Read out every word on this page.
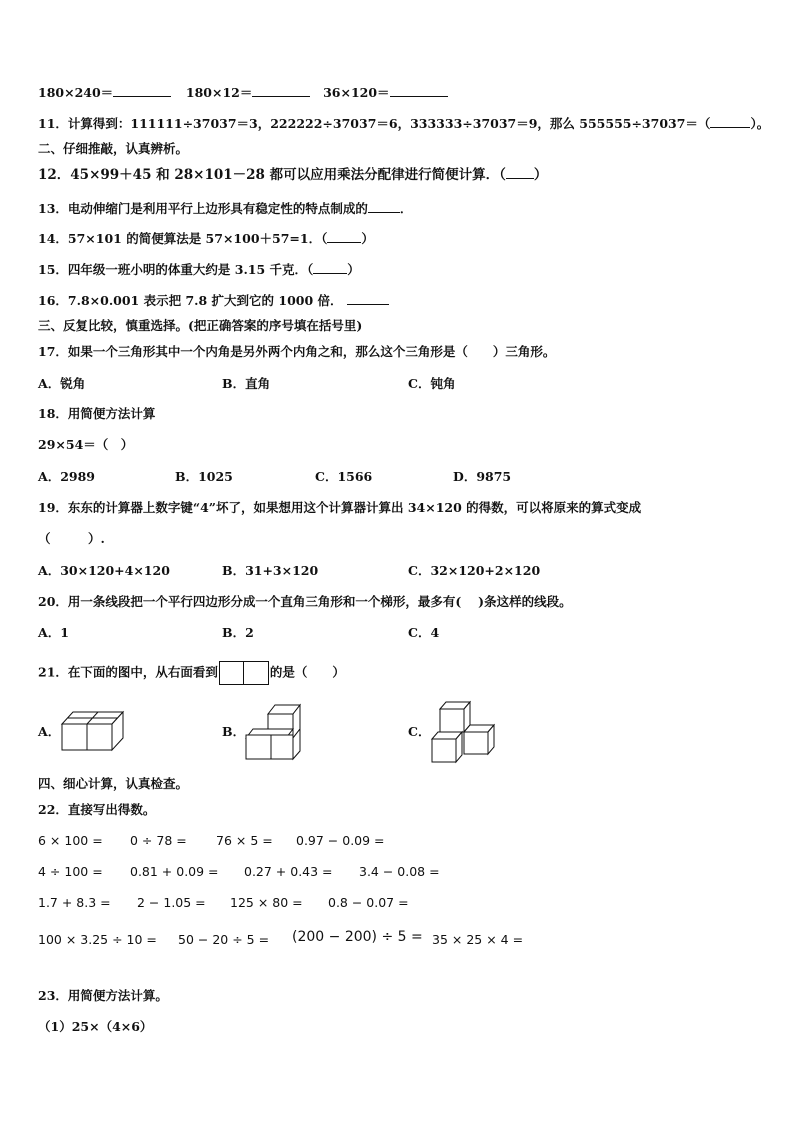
180×240＝	180×12＝	36×120＝
11．计算得到：111111÷37037＝3，222222÷37037＝6，333333÷37037＝9，那么 555555÷37037＝（	）。
二、仔细推敲，认真辨析。
12．45×99＋45 和 28×101－28 都可以应用乘法分配律进行简便计算．（ ）
13．电动伸缩门是利用平行上边形具有稳定性的特点制成的	．
14．57×101 的简便算法是 57×100＋57=1．（	）
15．四年级一班小明的体重大约是 3.15 千克．（	）
16．7.8×0.001 表示把 7.8 扩大到它的 1000 倍．
三、反复比较，慎重选择。(把正确答案的序号填在括号里)
17．如果一个三角形其中一个内角是另外两个内角之和，那么这个三角形是（　　）三角形。
A．锐角	B．直角	C．钝角
18．用简便方法计算
29×54＝（　）
A．2989	B．1025	C．1566	D．9875
19．东东的计算器上数字键“4”坏了，如果想用这个计算器计算出 34×120 的得数，可以将原来的算式变成
（　　　）.
A．30×120+4×120	B．31+3×120	C．32×120+2×120
20．用一条线段把一个平行四边形分成一个直角三角形和一个梯形，最多有(　 )条这样的线段。
A．1	B．2	C．4
21．在下面的图中，从右面看到	的是（　　）
A．	B．	C．
四、细心计算，认真检查。
22．直接写出得数。
6 × 100 = 0 ÷ 78 = 76 × 5 = 0.97 − 0.09 =
4 ÷ 100 = 0.81 + 0.09 = 0.27 + 0.43 = 3.4 − 0.08 =
1.7 + 8.3 = 2 − 1.05 = 125 × 80 = 0.8 − 0.07 =
100 × 3.25 ÷ 10 = 50 − 20 ÷ 5 = (200 − 200) ÷ 5 = 35 × 25 × 4 =
23．用简便方法计算。
（1）25×（4×6）
